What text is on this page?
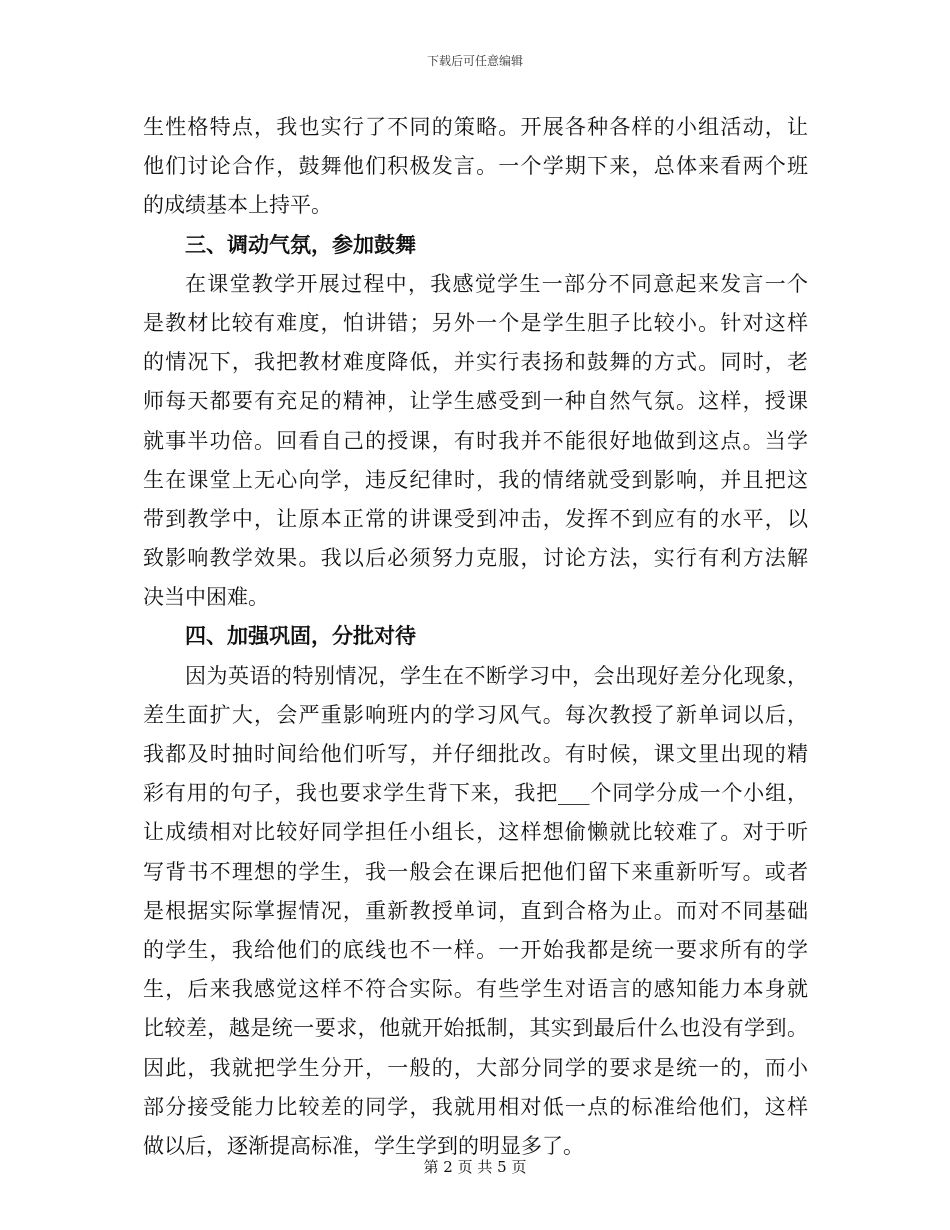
下载后可任意编辑
生性格特点，我也实行了不同的策略。开展各种各样的小组活动，让
他们讨论合作，鼓舞他们积极发言。一个学期下来，总体来看两个班
的成绩基本上持平。
三、调动气氛，参加鼓舞
在课堂教学开展过程中，我感觉学生一部分不同意起来发言一个
是教材比较有难度，怕讲错；另外一个是学生胆子比较小。针对这样
的情况下，我把教材难度降低，并实行表扬和鼓舞的方式。同时，老
师每天都要有充足的精神，让学生感受到一种自然气氛。这样，授课
就事半功倍。回看自己的授课，有时我并不能很好地做到这点。当学
生在课堂上无心向学，违反纪律时，我的情绪就受到影响，并且把这
带到教学中，让原本正常的讲课受到冲击，发挥不到应有的水平，以
致影响教学效果。我以后必须努力克服，讨论方法，实行有利方法解
决当中困难。
四、加强巩固，分批对待
因为英语的特别情况，学生在不断学习中，会出现好差分化现象，
差生面扩大，会严重影响班内的学习风气。每次教授了新单词以后，
我都及时抽时间给他们听写，并仔细批改。有时候，课文里出现的精
彩有用的句子，我也要求学生背下来，我把___个同学分成一个小组，
让成绩相对比较好同学担任小组长，这样想偷懒就比较难了。对于听
写背书不理想的学生，我一般会在课后把他们留下来重新听写。或者
是根据实际掌握情况，重新教授单词，直到合格为止。而对不同基础
的学生，我给他们的底线也不一样。一开始我都是统一要求所有的学
生，后来我感觉这样不符合实际。有些学生对语言的感知能力本身就
比较差，越是统一要求，他就开始抵制，其实到最后什么也没有学到。
因此，我就把学生分开，一般的，大部分同学的要求是统一的，而小
部分接受能力比较差的同学，我就用相对低一点的标准给他们，这样
做以后，逐渐提高标准，学生学到的明显多了。
第 2 页 共 5 页
